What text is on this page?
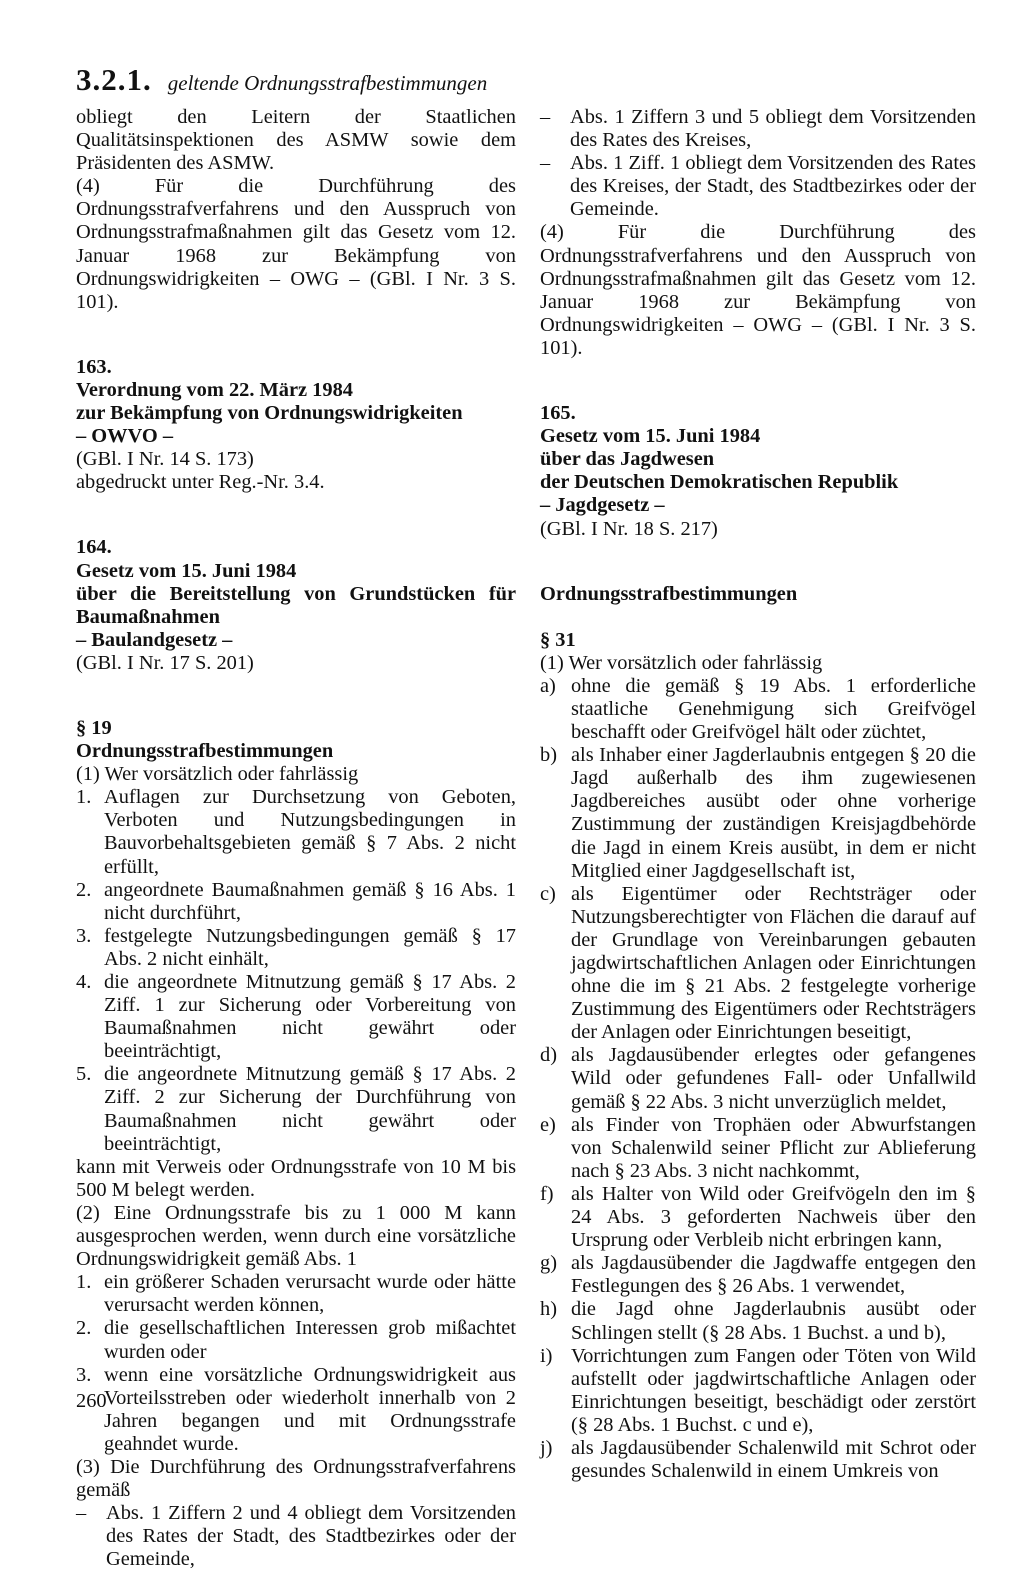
3.2.1. geltende Ordnungsstrafbestimmungen

obliegt den Leitern der Staatlichen Qualitätsinspektionen des ASMW sowie dem Präsidenten des ASMW.

(4) Für die Durchführung des Ordnungsstrafverfahrens und den Ausspruch von Ordnungsstrafmaßnahmen gilt das Gesetz vom 12. Januar 1968 zur Bekämpfung von Ordnungswidrigkeiten – OWG – (GBl. I Nr. 3 S. 101).

163.

Verordnung vom 22. März 1984

zur Bekämpfung von Ordnungswidrigkeiten

– OWVO –

(GBl. I Nr. 14 S. 173)

abgedruckt unter Reg.-Nr. 3.4.

164.

Gesetz vom 15. Juni 1984

über die Bereitstellung von Grundstücken für Baumaßnahmen

– Baulandgesetz –

(GBl. I Nr. 17 S. 201)

§ 19

Ordnungsstrafbestimmungen

(1) Wer vorsätzlich oder fahrlässig

1. Auflagen zur Durchsetzung von Geboten, Verboten und Nutzungsbedingungen in Bauvorbehaltsgebieten gemäß § 7 Abs. 2 nicht erfüllt,
2. angeordnete Baumaßnahmen gemäß § 16 Abs. 1 nicht durchführt,
3. festgelegte Nutzungsbedingungen gemäß § 17 Abs. 2 nicht einhält,
4. die angeordnete Mitnutzung gemäß § 17 Abs. 2 Ziff. 1 zur Sicherung oder Vorbereitung von Baumaßnahmen nicht gewährt oder beeinträchtigt,
5. die angeordnete Mitnutzung gemäß § 17 Abs. 2 Ziff. 2 zur Sicherung der Durchführung von Baumaßnahmen nicht gewährt oder beeinträchtigt,

kann mit Verweis oder Ordnungsstrafe von 10 M bis 500 M belegt werden.

(2) Eine Ordnungsstrafe bis zu 1 000 M kann ausgesprochen werden, wenn durch eine vorsätzliche Ordnungswidrigkeit gemäß Abs. 1

1. ein größerer Schaden verursacht wurde oder hätte verursacht werden können,
2. die gesellschaftlichen Interessen grob mißachtet wurden oder
3. wenn eine vorsätzliche Ordnungswidrigkeit aus Vorteilsstreben oder wiederholt innerhalb von 2 Jahren begangen und mit Ordnungsstrafe geahndet wurde.

(3) Die Durchführung des Ordnungsstrafverfahrens gemäß

– Abs. 1 Ziffern 2 und 4 obliegt dem Vorsitzenden des Rates der Stadt, des Stadtbezirkes oder der Gemeinde,
– Abs. 1 Ziffern 3 und 5 obliegt dem Vorsitzenden des Rates des Kreises,
– Abs. 1 Ziff. 1 obliegt dem Vorsitzenden des Rates des Kreises, der Stadt, des Stadtbezirkes oder der Gemeinde.

(4) Für die Durchführung des Ordnungsstrafverfahrens und den Ausspruch von Ordnungsstrafmaßnahmen gilt das Gesetz vom 12. Januar 1968 zur Bekämpfung von Ordnungswidrigkeiten – OWG – (GBl. I Nr. 3 S. 101).

165.

Gesetz vom 15. Juni 1984

über das Jagdwesen

der Deutschen Demokratischen Republik

– Jagdgesetz –

(GBl. I Nr. 18 S. 217)

Ordnungsstrafbestimmungen

§ 31

(1) Wer vorsätzlich oder fahrlässig

a) ohne die gemäß § 19 Abs. 1 erforderliche staatliche Genehmigung sich Greifvögel beschafft oder Greifvögel hält oder züchtet,
b) als Inhaber einer Jagderlaubnis entgegen § 20 die Jagd außerhalb des ihm zugewiesenen Jagdbereiches ausübt oder ohne vorherige Zustimmung der zuständigen Kreisjagdbehörde die Jagd in einem Kreis ausübt, in dem er nicht Mitglied einer Jagdgesellschaft ist,
c) als Eigentümer oder Rechtsträger oder Nutzungsberechtigter von Flächen die darauf auf der Grundlage von Vereinbarungen gebauten jagdwirtschaftlichen Anlagen oder Einrichtungen ohne die im § 21 Abs. 2 festgelegte vorherige Zustimmung des Eigentümers oder Rechtsträgers der Anlagen oder Einrichtungen beseitigt,
d) als Jagdausübender erlegtes oder gefangenes Wild oder gefundenes Fall- oder Unfallwild gemäß § 22 Abs. 3 nicht unverzüglich meldet,
e) als Finder von Trophäen oder Abwurfstangen von Schalenwild seiner Pflicht zur Ablieferung nach § 23 Abs. 3 nicht nachkommt,
f) als Halter von Wild oder Greifvögeln den im § 24 Abs. 3 geforderten Nachweis über den Ursprung oder Verbleib nicht erbringen kann,
g) als Jagdausübender die Jagdwaffe entgegen den Festlegungen des § 26 Abs. 1 verwendet,
h) die Jagd ohne Jagderlaubnis ausübt oder Schlingen stellt (§ 28 Abs. 1 Buchst. a und b),
i) Vorrichtungen zum Fangen oder Töten von Wild aufstellt oder jagdwirtschaftliche Anlagen oder Einrichtungen beseitigt, beschädigt oder zerstört (§ 28 Abs. 1 Buchst. c und e),
j) als Jagdausübender Schalenwild mit Schrot oder gesundes Schalenwild in einem Umkreis von
260
